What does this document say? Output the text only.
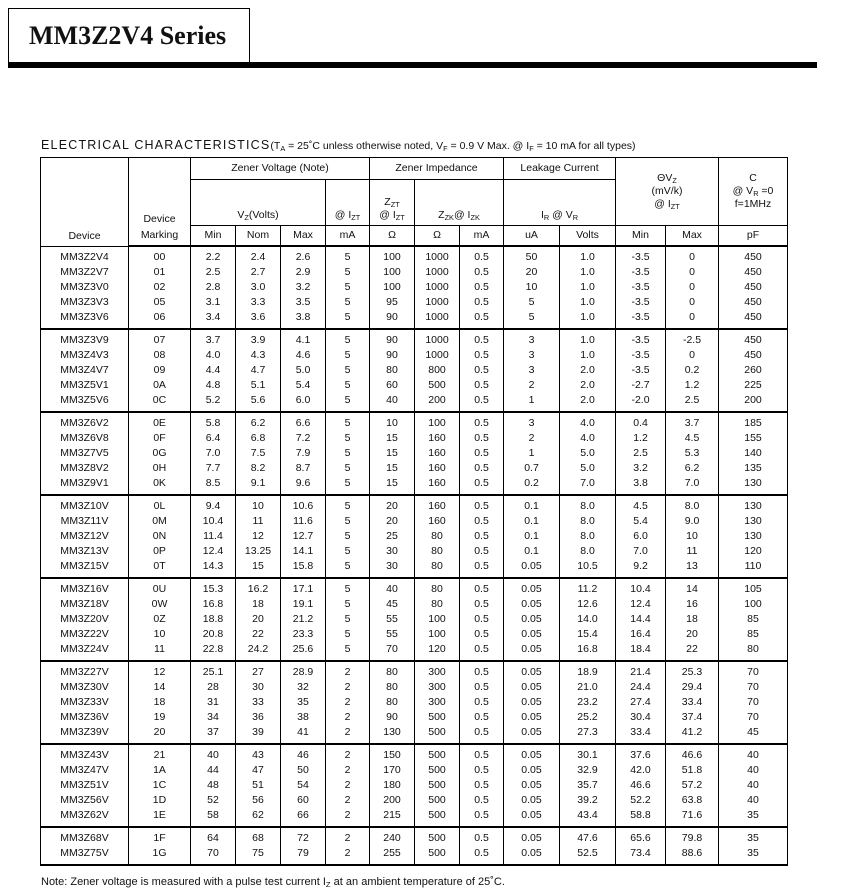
MM3Z2V4 Series
ELECTRICAL $CHARACTERISTICS(T_A$ = 25˚C unless otherwise noted, $V_F = 0.9$ V Max. @ $I_F = 10$ mA for all types)
Device	Device	Zener Voltage (Note)				Zener Impedance			Leakage Current		$\Theta V_Z$
(mV/k)
@ $I_{ZT}$		C
@ $V_R =0$
f=1MHz
		$V_Z(Volts)$			@ $I_{ZT}$	$Z_{ZT}$
@ $I_{ZT}$	$Z_{ZK}@$ $I_{ZK}$		$I_R$ @ $V_R$
	Marking	Min	Nom	Max	mA	Ω	Ω	mA	uA	Volts	Min	Max	pF
MM3Z2V4	00	2.2	2.4	2.6	5	100	1000	0.5	50	1.0	-3.5	0	450
MM3Z2V7	01	2.5	2.7	2.9	5	100	1000	0.5	20	1.0	-3.5	0	450
MM3Z3V0	02	2.8	3.0	3.2	5	100	1000	0.5	10	1.0	-3.5	0	450
MM3Z3V3	05	3.1	3.3	3.5	5	95	1000	0.5	5	1.0	-3.5	0	450
MM3Z3V6	06	3.4	3.6	3.8	5	90	1000	0.5	5	1.0	-3.5	0	450
MM3Z3V9	07	3.7	3.9	4.1	5	90	1000	0.5	3	1.0	-3.5	-2.5	450
MM3Z4V3	08	4.0	4.3	4.6	5	90	1000	0.5	3	1.0	-3.5	0	450
MM3Z4V7	09	4.4	4.7	5.0	5	80	800	0.5	3	2.0	-3.5	0.2	260
MM3Z5V1	0A	4.8	5.1	5.4	5	60	500	0.5	2	2.0	-2.7	1.2	225
MM3Z5V6	0C	5.2	5.6	6.0	5	40	200	0.5	1	2.0	-2.0	2.5	200
MM3Z6V2	0E	5.8	6.2	6.6	5	10	100	0.5	3	4.0	0.4	3.7	185
MM3Z6V8	0F	6.4	6.8	7.2	5	15	160	0.5	2	4.0	1.2	4.5	155
MM3Z7V5	0G	7.0	7.5	7.9	5	15	160	0.5	1	5.0	2.5	5.3	140
MM3Z8V2	0H	7.7	8.2	8.7	5	15	160	0.5	0.7	5.0	3.2	6.2	135
MM3Z9V1	0K	8.5	9.1	9.6	5	15	160	0.5	0.2	7.0	3.8	7.0	130
MM3Z10V	0L	9.4	10	10.6	5	20	160	0.5	0.1	8.0	4.5	8.0	130
MM3Z11V	0M	10.4	11	11.6	5	20	160	0.5	0.1	8.0	5.4	9.0	130
MM3Z12V	0N	11.4	12	12.7	5	25	80	0.5	0.1	8.0	6.0	10	130
MM3Z13V	0P	12.4	13.25	14.1	5	30	80	0.5	0.1	8.0	7.0	11	120
MM3Z15V	0T	14.3	15	15.8	5	30	80	0.5	0.05	10.5	9.2	13	110
MM3Z16V	0U	15.3	16.2	17.1	5	40	80	0.5	0.05	11.2	10.4	14	105
MM3Z18V	0W	16.8	18	19.1	5	45	80	0.5	0.05	12.6	12.4	16	100
MM3Z20V	0Z	18.8	20	21.2	5	55	100	0.5	0.05	14.0	14.4	18	85
MM3Z22V	10	20.8	22	23.3	5	55	100	0.5	0.05	15.4	16.4	20	85
MM3Z24V	11	22.8	24.2	25.6	5	70	120	0.5	0.05	16.8	18.4	22	80
MM3Z27V	12	25.1	27	28.9	2	80	300	0.5	0.05	18.9	21.4	25.3	70
MM3Z30V	14	28	30	32	2	80	300	0.5	0.05	21.0	24.4	29.4	70
MM3Z33V	18	31	33	35	2	80	300	0.5	0.05	23.2	27.4	33.4	70
MM3Z36V	19	34	36	38	2	90	500	0.5	0.05	25.2	30.4	37.4	70
MM3Z39V	20	37	39	41	2	130	500	0.5	0.05	27.3	33.4	41.2	45
MM3Z43V	21	40	43	46	2	150	500	0.5	0.05	30.1	37.6	46.6	40
MM3Z47V	1A	44	47	50	2	170	500	0.5	0.05	32.9	42.0	51.8	40
MM3Z51V	1C	48	51	54	2	180	500	0.5	0.05	35.7	46.6	57.2	40
MM3Z56V	1D	52	56	60	2	200	500	0.5	0.05	39.2	52.2	63.8	40
MM3Z62V	1E	58	62	66	2	215	500	0.5	0.05	43.4	58.8	71.6	35
MM3Z68V	1F	64	68	72	2	240	500	0.5	0.05	47.6	65.6	79.8	35
MM3Z75V	1G	70	75	79	2	255	500	0.5	0.05	52.5	73.4	88.6	35
Note: Zener voltage is measured with a pulse test current $I_Z$ at an ambient temperature of 25˚C.
